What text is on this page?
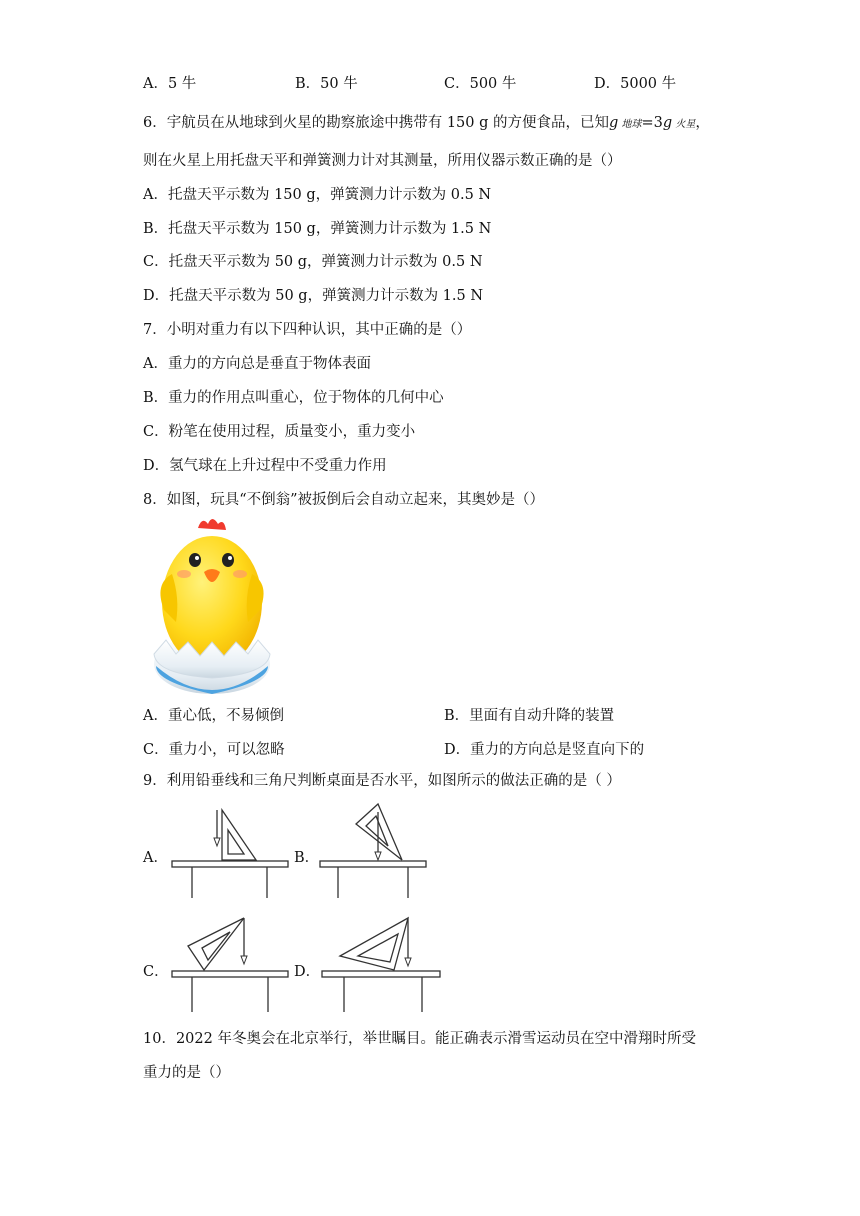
A．5 牛	B．50 牛	C．500 牛	D．5000 牛
6．宇航员在从地球到火星的勘察旅途中携带有 150 g 的方便食品，已知g 地球=3g 火星，
则在火星上用托盘天平和弹簧测力计对其测量，所用仪器示数正确的是（）
A．托盘天平示数为 150 g，弹簧测力计示数为 0.5 N
B．托盘天平示数为 150 g，弹簧测力计示数为 1.5 N
C．托盘天平示数为 50 g，弹簧测力计示数为 0.5 N
D．托盘天平示数为 50 g，弹簧测力计示数为 1.5 N
7．小明对重力有以下四种认识，其中正确的是（）
A．重力的方向总是垂直于物体表面
B．重力的作用点叫重心，位于物体的几何中心
C．粉笔在使用过程，质量变小，重力变小
D．氢气球在上升过程中不受重力作用
8．如图，玩具“不倒翁”被扳倒后会自动立起来，其奥妙是（）
A．重心低，不易倾倒	B．里面有自动升降的装置
C．重力小，可以忽略	D．重力的方向总是竖直向下的
9．利用铅垂线和三角尺判断桌面是否水平，如图所示的做法正确的是（ ）
A．	B．
C．	D．
10．2022 年冬奥会在北京举行，举世瞩目。能正确表示滑雪运动员在空中滑翔时所受
重力的是（）
